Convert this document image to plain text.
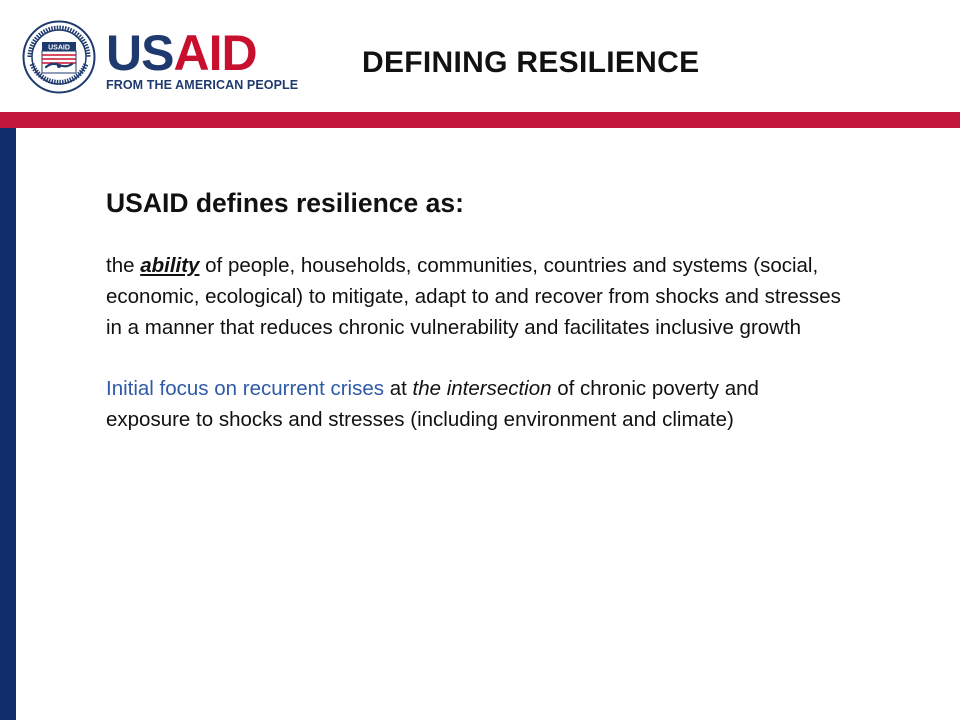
USAID USAID
FROM THE AMERICAN PEOPLE
DEFINING RESILIENCE
USAID defines resilience as:

the ability of people, households, communities, countries and systems (social, economic, ecological) to mitigate, adapt to and recover from shocks and stresses in a manner that reduces chronic vulnerability and facilitates inclusive growth

Initial focus on recurrent crises at the intersection of chronic poverty and exposure to shocks and stresses (including environment and climate)
